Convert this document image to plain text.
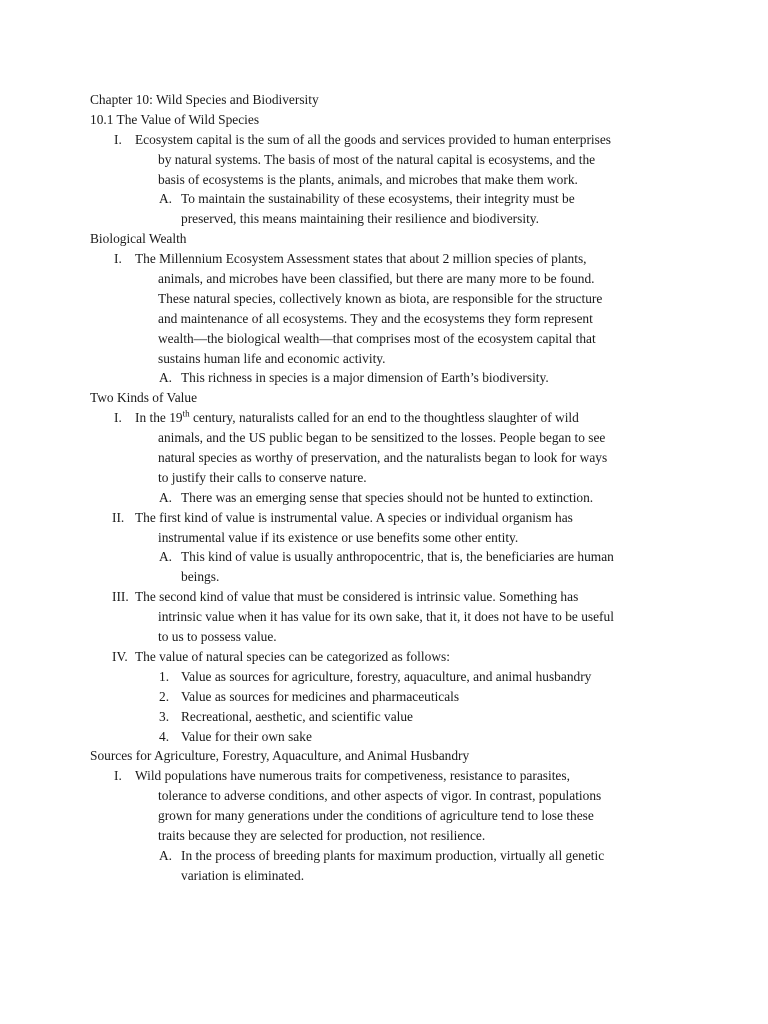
Chapter 10: Wild Species and Biodiversity
10.1 The Value of Wild Species
I. Ecosystem capital is the sum of all the goods and services provided to human enterprises
by natural systems. The basis of most of the natural capital is ecosystems, and the
basis of ecosystems is the plants, animals, and microbes that make them work.
A. To maintain the sustainability of these ecosystems, their integrity must be
preserved, this means maintaining their resilience and biodiversity.
Biological Wealth
I. The Millennium Ecosystem Assessment states that about 2 million species of plants,
animals, and microbes have been classified, but there are many more to be found.
These natural species, collectively known as biota, are responsible for the structure
and maintenance of all ecosystems. They and the ecosystems they form represent
wealth—the biological wealth—that comprises most of the ecosystem capital that
sustains human life and economic activity.
A. This richness in species is a major dimension of Earth’s biodiversity.
Two Kinds of Value
I. In the 19th century, naturalists called for an end to the thoughtless slaughter of wild
animals, and the US public began to be sensitized to the losses. People began to see
natural species as worthy of preservation, and the naturalists began to look for ways
to justify their calls to conserve nature.
A. There was an emerging sense that species should not be hunted to extinction.
II. The first kind of value is instrumental value. A species or individual organism has
instrumental value if its existence or use benefits some other entity.
A. This kind of value is usually anthropocentric, that is, the beneficiaries are human
beings.
III. The second kind of value that must be considered is intrinsic value. Something has
intrinsic value when it has value for its own sake, that it, it does not have to be useful
to us to possess value.
IV. The value of natural species can be categorized as follows:
1. Value as sources for agriculture, forestry, aquaculture, and animal husbandry
2. Value as sources for medicines and pharmaceuticals
3. Recreational, aesthetic, and scientific value
4. Value for their own sake
Sources for Agriculture, Forestry, Aquaculture, and Animal Husbandry
I. Wild populations have numerous traits for competiveness, resistance to parasites,
tolerance to adverse conditions, and other aspects of vigor. In contrast, populations
grown for many generations under the conditions of agriculture tend to lose these
traits because they are selected for production, not resilience.
A. In the process of breeding plants for maximum production, virtually all genetic
variation is eliminated.
